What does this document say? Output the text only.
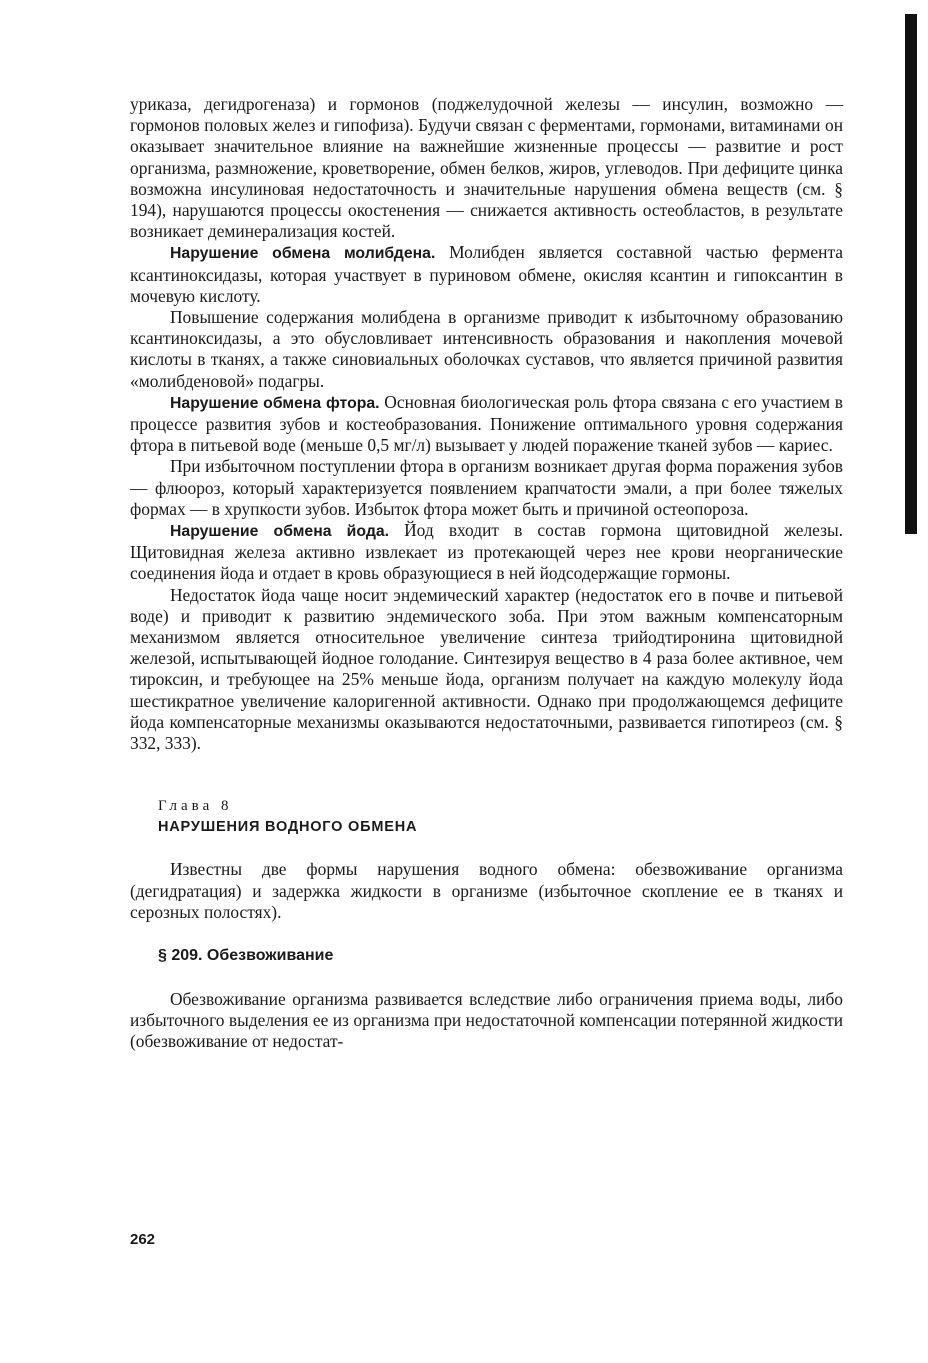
уриказа, дегидрогеназа) и гормонов (поджелудочной железы — инсулин, возможно — гормонов половых желез и гипофиза). Будучи связан с ферментами, гормонами, витаминами он оказывает значительное влияние на важнейшие жизненные процессы — развитие и рост организма, размножение, кроветворение, обмен белков, жиров, углеводов. При дефиците цинка возможна инсулиновая недостаточность и значительные нарушения обмена веществ (см. § 194), нарушаются процессы окостенения — снижается активность остеобластов, в результате возникает деминерализация костей.

Нарушение обмена молибдена. Молибден является составной частью фермента ксантиноксидазы, которая участвует в пуриновом обмене, окисляя ксантин и гипоксантин в мочевую кислоту.

Повышение содержания молибдена в организме приводит к избыточному образованию ксантиноксидазы, а это обусловливает интенсивность образования и накопления мочевой кислоты в тканях, а также синовиальных оболочках суставов, что является причиной развития «молибденовой» подагры.

Нарушение обмена фтора. Основная биологическая роль фтора связана с его участием в процессе развития зубов и костеобразования. Понижение оптимального уровня содержания фтора в питьевой воде (меньше 0,5 мг/л) вызывает у людей поражение тканей зубов — кариес.

При избыточном поступлении фтора в организм возникает другая форма поражения зубов — флюороз, который характеризуется появлением крапчатости эмали, а при более тяжелых формах — в хрупкости зубов. Избыток фтора может быть и причиной остеопороза.

Нарушение обмена йода. Йод входит в состав гормона щитовидной железы. Щитовидная железа активно извлекает из протекающей через нее крови неорганические соединения йода и отдает в кровь образующиеся в ней йодсодержащие гормоны.

Недостаток йода чаще носит эндемический характер (недостаток его в почве и питьевой воде) и приводит к развитию эндемического зоба. При этом важным компенсаторным механизмом является относительное увеличение синтеза трийодтиронина щитовидной железой, испытывающей йодное голодание. Синтезируя вещество в 4 раза более активное, чем тироксин, и требующее на 25% меньше йода, организм получает на каждую молекулу йода шестикратное увеличение калоригенной активности. Однако при продолжающемся дефиците йода компенсаторные механизмы оказываются недостаточными, развивается гипотиреоз (см. § 332, 333).

Глава 8
НАРУШЕНИЯ ВОДНОГО ОБМЕНА

Известны две формы нарушения водного обмена: обезвоживание организма (дегидратация) и задержка жидкости в организме (избыточное скопление ее в тканях и серозных полостях).

§ 209. Обезвоживание

Обезвоживание организма развивается вследствие либо ограничения приема воды, либо избыточного выделения ее из организма при недостаточной компенсации потерянной жидкости (обезвоживание от недостат-

262
